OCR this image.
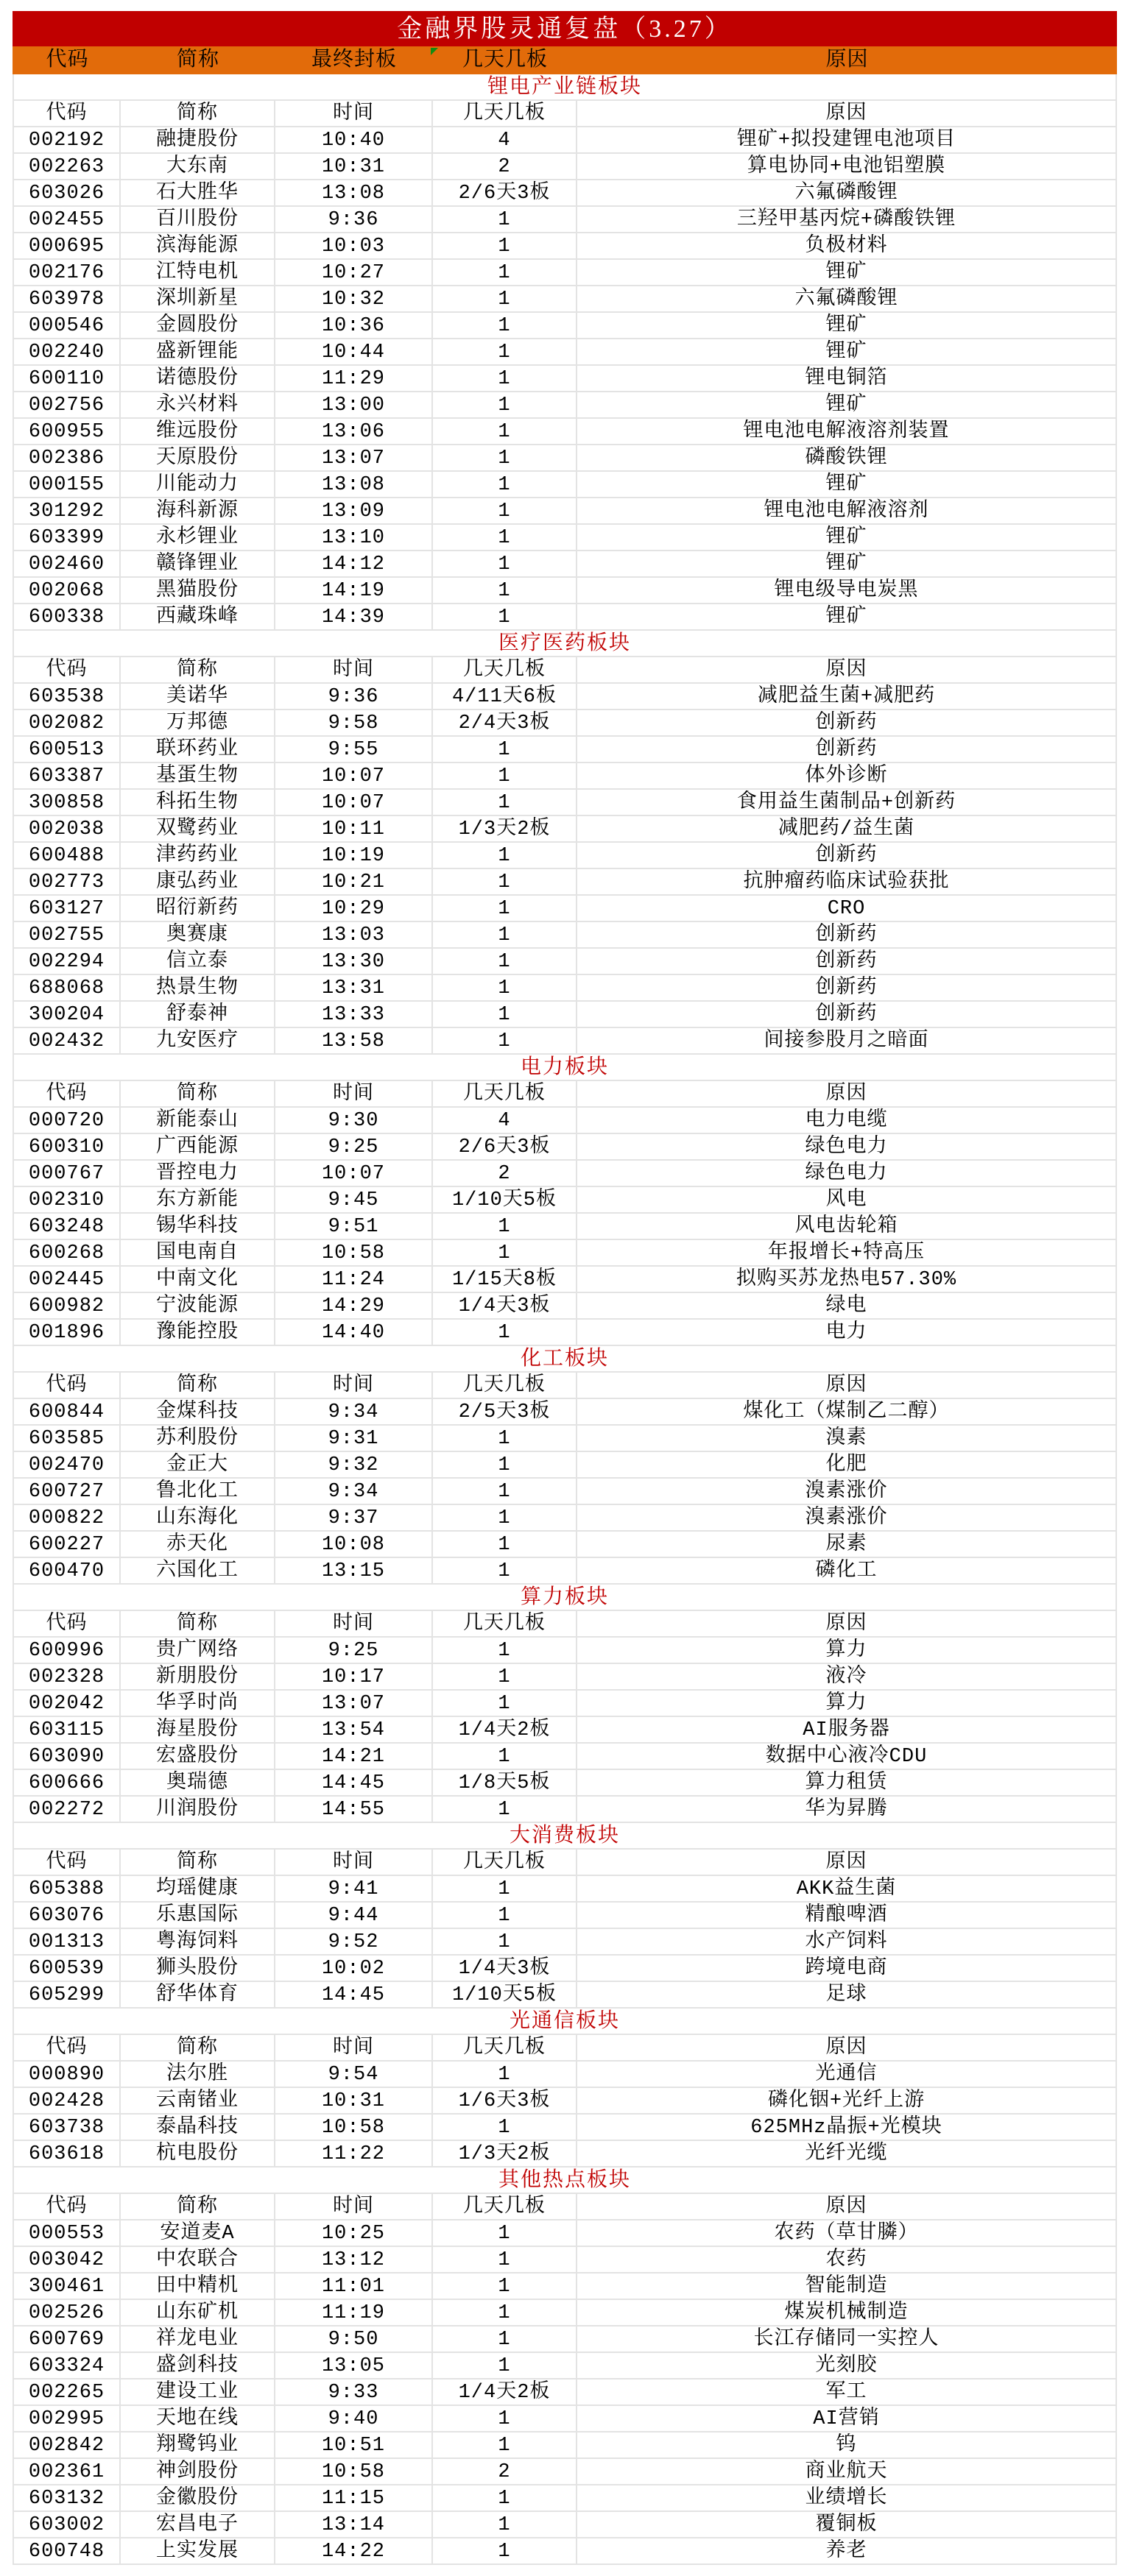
金融界股灵通复盘（3.27）
代码	简称	最终封板	几天几板	原因
锂电产业链板块
代码	简称	时间	几天几板	原因
002192	融捷股份	10:40	4	锂矿+拟投建锂电池项目
002263	大东南	10:31	2	算电协同+电池铝塑膜
603026	石大胜华	13:08	2/6天3板	六氟磷酸锂
002455	百川股份	9:36	1	三羟甲基丙烷+磷酸铁锂
000695	滨海能源	10:03	1	负极材料
002176	江特电机	10:27	1	锂矿
603978	深圳新星	10:32	1	六氟磷酸锂
000546	金圆股份	10:36	1	锂矿
002240	盛新锂能	10:44	1	锂矿
600110	诺德股份	11:29	1	锂电铜箔
002756	永兴材料	13:00	1	锂矿
600955	维远股份	13:06	1	锂电池电解液溶剂装置
002386	天原股份	13:07	1	磷酸铁锂
000155	川能动力	13:08	1	锂矿
301292	海科新源	13:09	1	锂电池电解液溶剂
603399	永杉锂业	13:10	1	锂矿
002460	赣锋锂业	14:12	1	锂矿
002068	黑猫股份	14:19	1	锂电级导电炭黑
600338	西藏珠峰	14:39	1	锂矿
医疗医药板块
代码	简称	时间	几天几板	原因
603538	美诺华	9:36	4/11天6板	减肥益生菌+减肥药
002082	万邦德	9:58	2/4天3板	创新药
600513	联环药业	9:55	1	创新药
603387	基蛋生物	10:07	1	体外诊断
300858	科拓生物	10:07	1	食用益生菌制品+创新药
002038	双鹭药业	10:11	1/3天2板	减肥药/益生菌
600488	津药药业	10:19	1	创新药
002773	康弘药业	10:21	1	抗肿瘤药临床试验获批
603127	昭衍新药	10:29	1	CRO
002755	奥赛康	13:03	1	创新药
002294	信立泰	13:30	1	创新药
688068	热景生物	13:31	1	创新药
300204	舒泰神	13:33	1	创新药
002432	九安医疗	13:58	1	间接参股月之暗面
电力板块
代码	简称	时间	几天几板	原因
000720	新能泰山	9:30	4	电力电缆
600310	广西能源	9:25	2/6天3板	绿色电力
000767	晋控电力	10:07	2	绿色电力
002310	东方新能	9:45	1/10天5板	风电
603248	锡华科技	9:51	1	风电齿轮箱
600268	国电南自	10:58	1	年报增长+特高压
002445	中南文化	11:24	1/15天8板	拟购买苏龙热电57.30%
600982	宁波能源	14:29	1/4天3板	绿电
001896	豫能控股	14:40	1	电力
化工板块
代码	简称	时间	几天几板	原因
600844	金煤科技	9:34	2/5天3板	煤化工（煤制乙二醇）
603585	苏利股份	9:31	1	溴素
002470	金正大	9:32	1	化肥
600727	鲁北化工	9:34	1	溴素涨价
000822	山东海化	9:37	1	溴素涨价
600227	赤天化	10:08	1	尿素
600470	六国化工	13:15	1	磷化工
算力板块
代码	简称	时间	几天几板	原因
600996	贵广网络	9:25	1	算力
002328	新朋股份	10:17	1	液冷
002042	华孚时尚	13:07	1	算力
603115	海星股份	13:54	1/4天2板	AI服务器
603090	宏盛股份	14:21	1	数据中心液冷CDU
600666	奥瑞德	14:45	1/8天5板	算力租赁
002272	川润股份	14:55	1	华为昇腾
大消费板块
代码	简称	时间	几天几板	原因
605388	均瑶健康	9:41	1	AKK益生菌
603076	乐惠国际	9:44	1	精酿啤酒
001313	粤海饲料	9:52	1	水产饲料
600539	狮头股份	10:02	1/4天3板	跨境电商
605299	舒华体育	14:45	1/10天5板	足球
光通信板块
代码	简称	时间	几天几板	原因
000890	法尔胜	9:54	1	光通信
002428	云南锗业	10:31	1/6天3板	磷化铟+光纤上游
603738	泰晶科技	10:58	1	625MHz晶振+光模块
603618	杭电股份	11:22	1/3天2板	光纤光缆
其他热点板块
代码	简称	时间	几天几板	原因
000553	安道麦A	10:25	1	农药（草甘膦）
003042	中农联合	13:12	1	农药
300461	田中精机	11:01	1	智能制造
002526	山东矿机	11:19	1	煤炭机械制造
600769	祥龙电业	9:50	1	长江存储同一实控人
603324	盛剑科技	13:05	1	光刻胶
002265	建设工业	9:33	1/4天2板	军工
002995	天地在线	9:40	1	AI营销
002842	翔鹭钨业	10:51	1	钨
002361	神剑股份	10:58	2	商业航天
603132	金徽股份	11:15	1	业绩增长
603002	宏昌电子	13:14	1	覆铜板
600748	上实发展	14:22	1	养老
